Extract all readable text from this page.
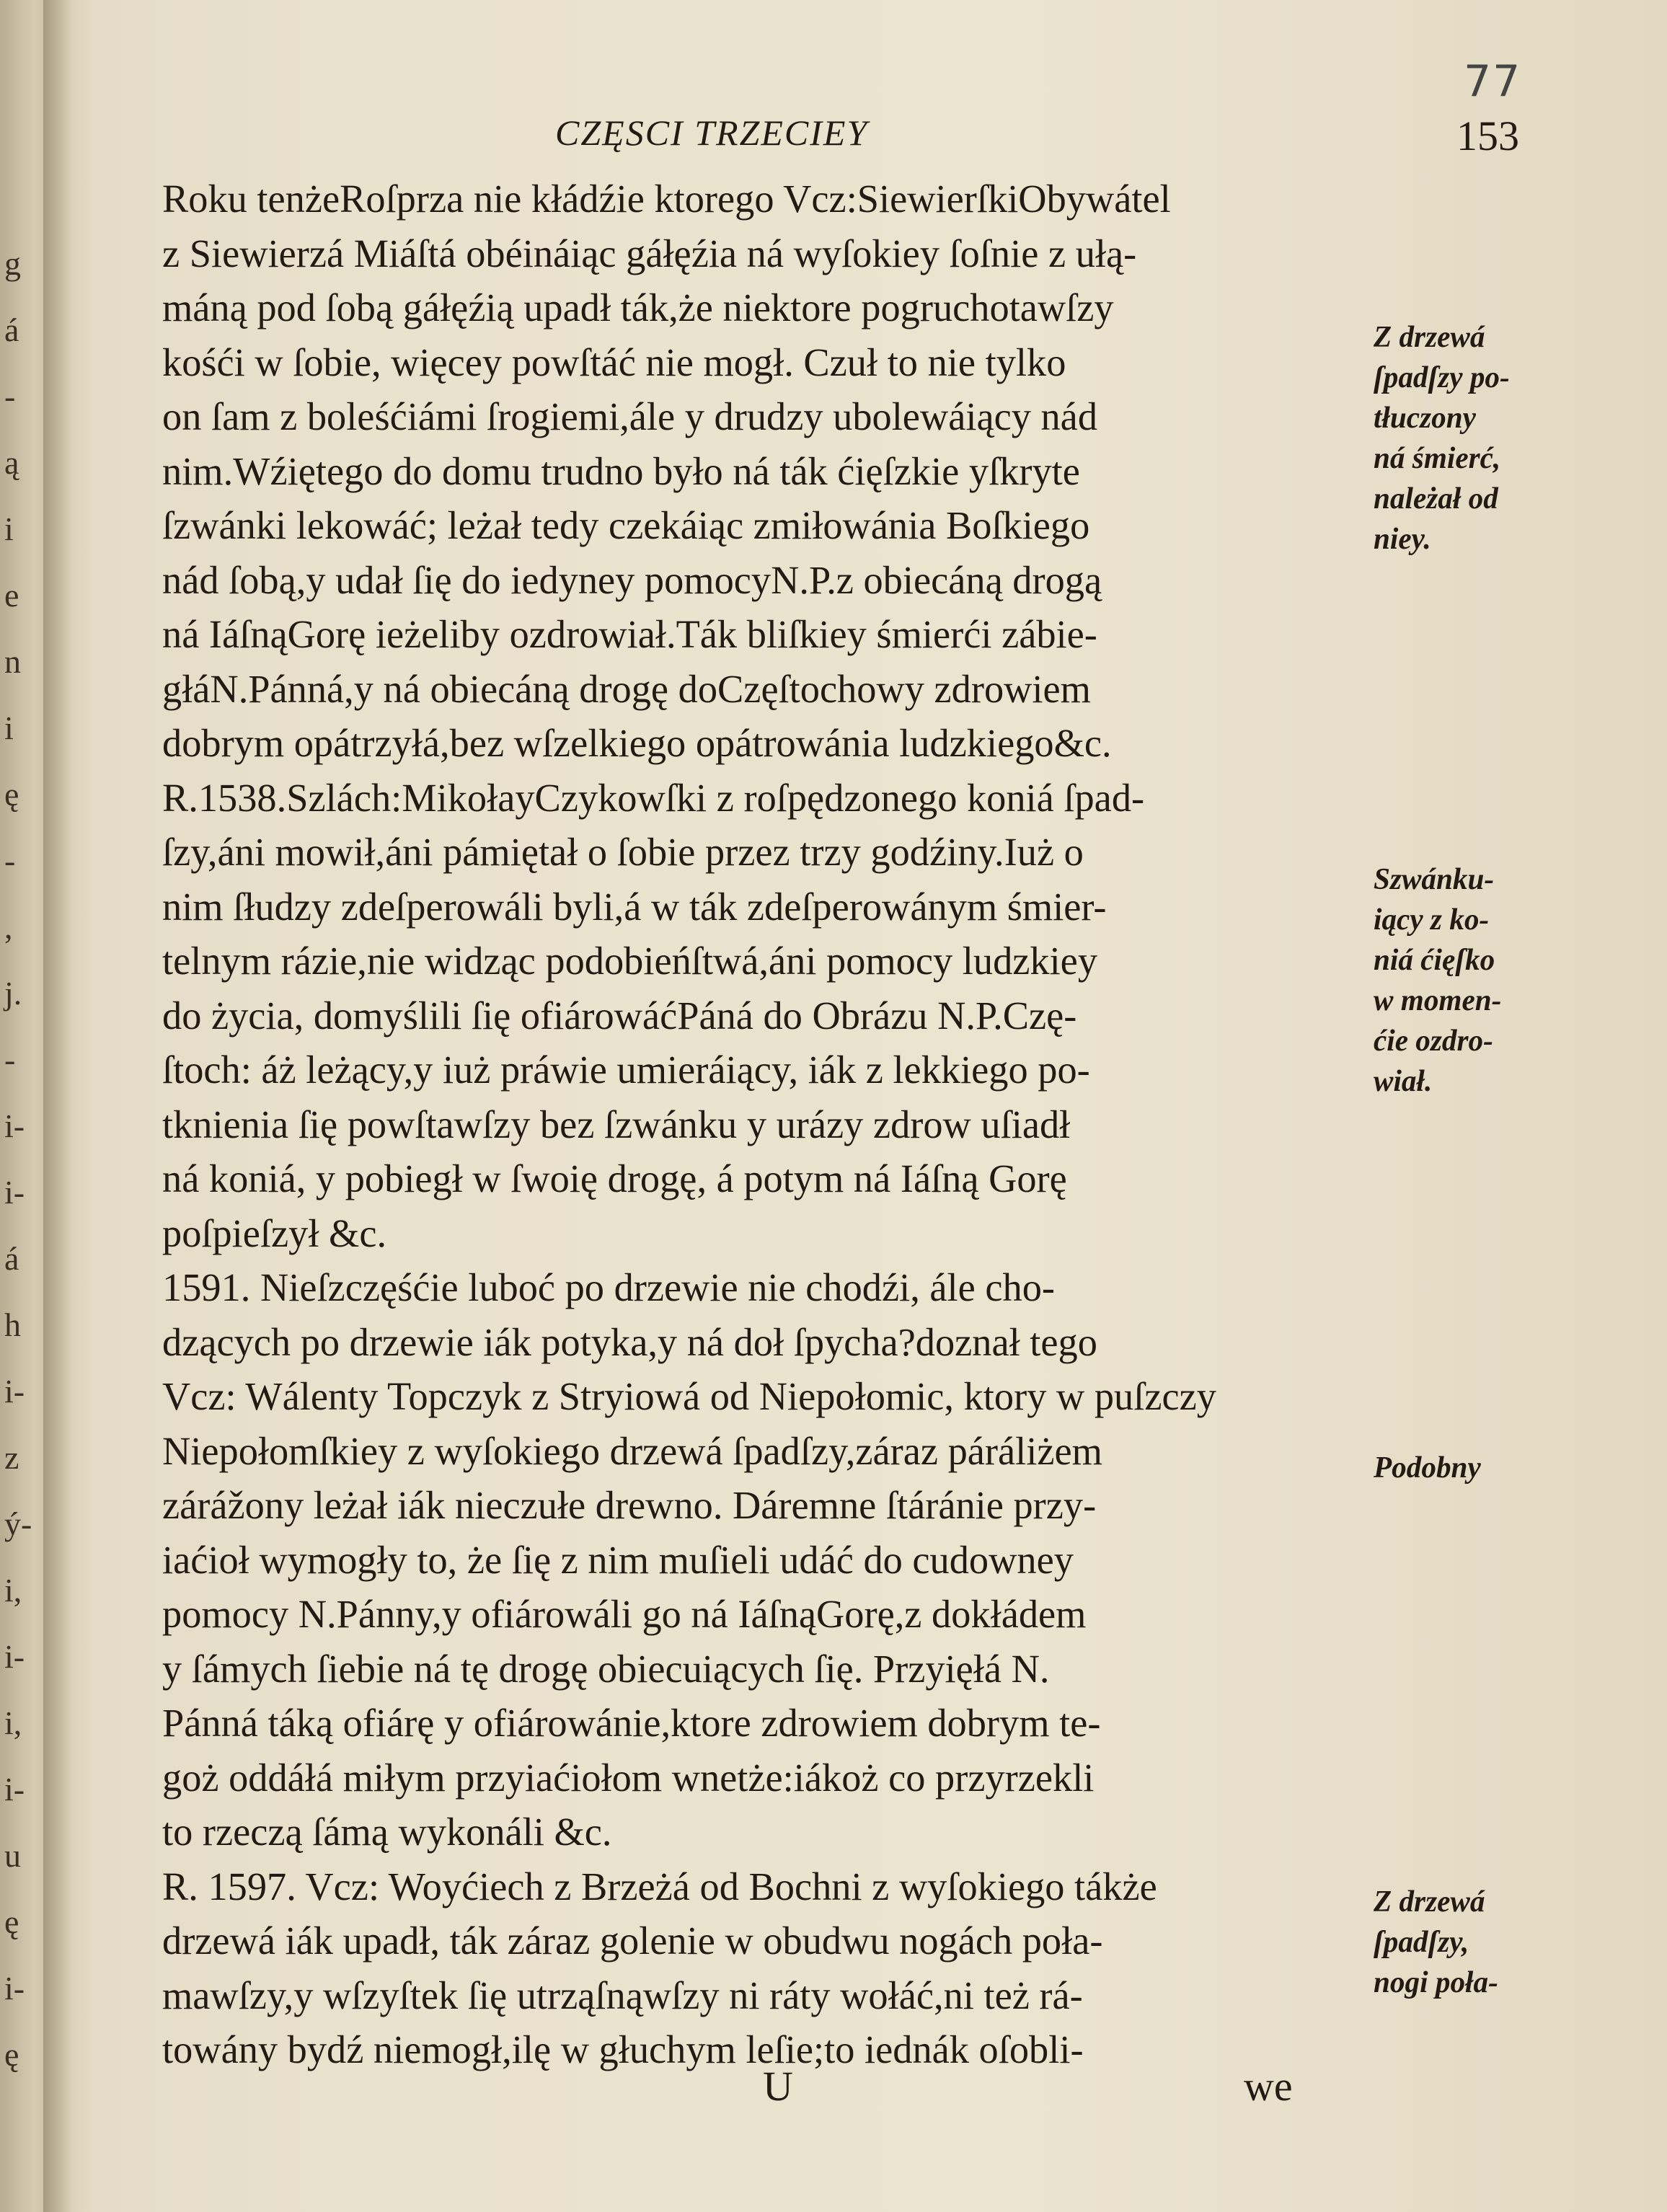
g
á
-
ą
i
e
n
i
ę
-
,
j.
-
i-
i-
á
h
i-
z
ý-
i,
i-
i,
i-
u
ę
i-
ę
77
CZĘSCI TRZECIEY	153
Roku tenżeRoſprza nie kłádźie ktorego Vcz:SiewierſkiObywátel
z Siewierzá Miáſtá obéináiąc gáłęźia ná wyſokiey ſoſnie z ułą-
máną pod ſobą gáłęźią upadł ták,że niektore pogruchotawſzy
kośći w ſobie, więcey powſtáć nie mogł. Czuł to nie tylko
on ſam z boleśćiámi ſrogiemi,ále y drudzy ubolewáiący nád
nim.Wźiętego do domu trudno było ná ták ćięſzkie yſkryte
ſzwánki lekowáć; leżał tedy czekáiąc zmiłowánia Boſkiego
nád ſobą,y udał ſię do iedyney pomocyN.P.z obiecáną drogą
ná IáſnąGorę ieżeliby ozdrowiał.Ták bliſkiey śmierći zábie-
głáN.Pánná,y ná obiecáną drogę doCzęſtochowy zdrowiem
dobrym opátrzyłá,bez wſzelkiego opátrowánia ludzkiego&c.
R.1538.Szlách:MikołayCzykowſki z roſpędzonego koniá ſpad-
ſzy,áni mowił,áni pámiętał o ſobie przez trzy godźiny.Iuż o
nim ſłudzy zdeſperowáli byli,á w ták zdeſperowánym śmier-
telnym rázie,nie widząc podobieńſtwá,áni pomocy ludzkiey
do życia, domyślili ſię ofiárowáćPáná do Obrázu N.P.Czę-
ſtoch: áż leżący,y iuż práwie umieráiący, iák z lekkiego po-
tknienia ſię powſtawſzy bez ſzwánku y urázy zdrow uſiadł
ná koniá, y pobiegł w ſwoię drogę, á potym ná Iáſną Gorę
poſpieſzył &c.
1591. Nieſzczęśćie luboć po drzewie nie chodźi, ále cho-
dzących po drzewie iák potyka,y ná doł ſpycha?doznał tego
Vcz: Wálenty Topczyk z Stryiowá od Niepołomic, ktory w puſzczy
Niepołomſkiey z wyſokiego drzewá ſpadſzy,záraz páráliżem
zárážony leżał iák nieczułe drewno. Dáremne ſtáránie przy-
iaćioł wymogły to, że ſię z nim muſieli udáć do cudowney
pomocy N.Pánny,y ofiárowáli go ná IáſnąGorę,z dokłádem
y ſámych ſiebie ná tę drogę obiecuiących ſię. Przyięłá N.
Pánná táką ofiárę y ofiárowánie,ktore zdrowiem dobrym te-
goż oddáłá miłym przyiaćiołom wnetże:iákoż co przyrzekli
to rzeczą ſámą wykonáli &c.
R. 1597. Vcz: Woyćiech z Brzeżá od Bochni z wyſokiego tákże
drzewá iák upadł, ták záraz golenie w obudwu nogách poła-
mawſzy,y wſzyſtek ſię utrząſnąwſzy ni ráty wołáć,ni też rá-
towány bydź niemogł,ilę w głuchym leſie;to iednák oſobli-
Z drzewá
ſpadſzy po-
tłuczony
ná śmierć,
należał od
niey.
Szwánku-
iący z ko-
niá ćięſko
w momen-
ćie ozdro-
wiał.
Podobny
Z drzewá
ſpadſzy,
nogi poła-
U	we
